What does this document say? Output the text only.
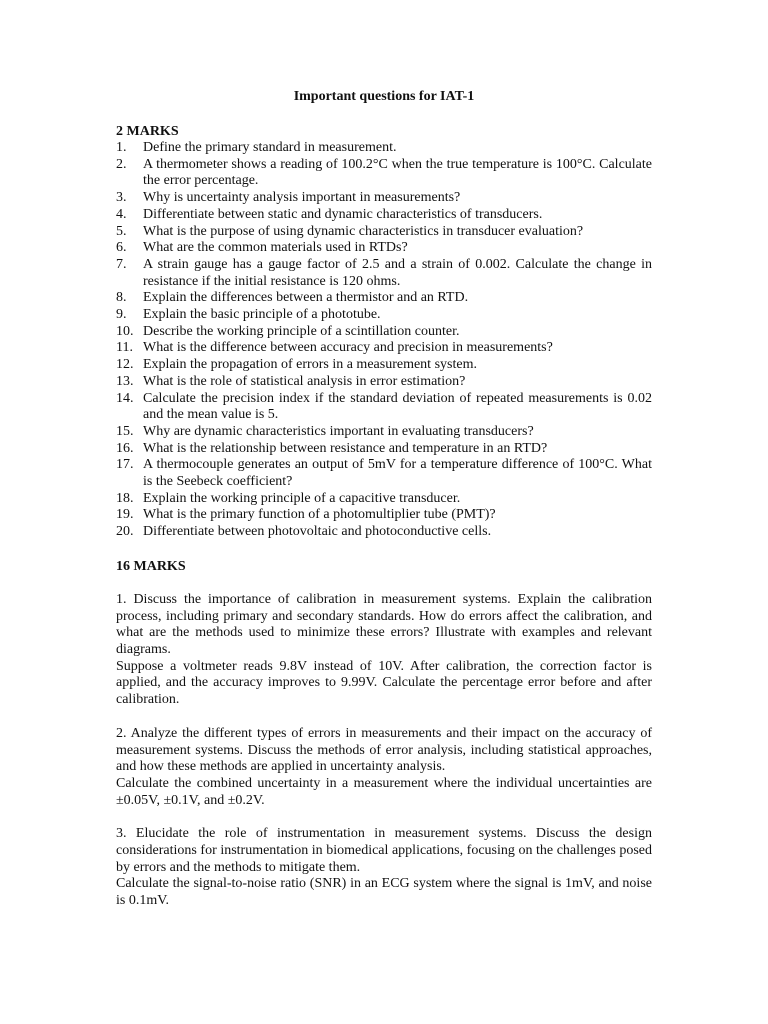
Important questions for IAT-1
2 MARKS
1.	Define the primary standard in measurement.
2.	A thermometer shows a reading of 100.2°C when the true temperature is 100°C. Calculate the error percentage.
3.	Why is uncertainty analysis important in measurements?
4.	Differentiate between static and dynamic characteristics of transducers.
5.	What is the purpose of using dynamic characteristics in transducer evaluation?
6.	What are the common materials used in RTDs?
7.	A strain gauge has a gauge factor of 2.5 and a strain of 0.002. Calculate the change in resistance if the initial resistance is 120 ohms.
8.	Explain the differences between a thermistor and an RTD.
9.	Explain the basic principle of a phototube.
10. Describe the working principle of a scintillation counter.
11. What is the difference between accuracy and precision in measurements?
12. Explain the propagation of errors in a measurement system.
13. What is the role of statistical analysis in error estimation?
14. Calculate the precision index if the standard deviation of repeated measurements is 0.02 and the mean value is 5.
15. Why are dynamic characteristics important in evaluating transducers?
16. What is the relationship between resistance and temperature in an RTD?
17. A thermocouple generates an output of 5mV for a temperature difference of 100°C. What is the Seebeck coefficient?
18. Explain the working principle of a capacitive transducer.
19. What is the primary function of a photomultiplier tube (PMT)?
20. Differentiate between photovoltaic and photoconductive cells.
16 MARKS

1. Discuss the importance of calibration in measurement systems. Explain the calibration process, including primary and secondary standards. How do errors affect the calibration, and what are the methods used to minimize these errors? Illustrate with examples and relevant diagrams.

Suppose a voltmeter reads 9.8V instead of 10V. After calibration, the correction factor is applied, and the accuracy improves to 9.99V. Calculate the percentage error before and after calibration.

2. Analyze the different types of errors in measurements and their impact on the accuracy of measurement systems. Discuss the methods of error analysis, including statistical approaches, and how these methods are applied in uncertainty analysis.

Calculate the combined uncertainty in a measurement where the individual uncertainties are ±0.05V, ±0.1V, and ±0.2V.

3. Elucidate the role of instrumentation in measurement systems. Discuss the design considerations for instrumentation in biomedical applications, focusing on the challenges posed by errors and the methods to mitigate them.

Calculate the signal-to-noise ratio (SNR) in an ECG system where the signal is 1mV, and noise is 0.1mV.
